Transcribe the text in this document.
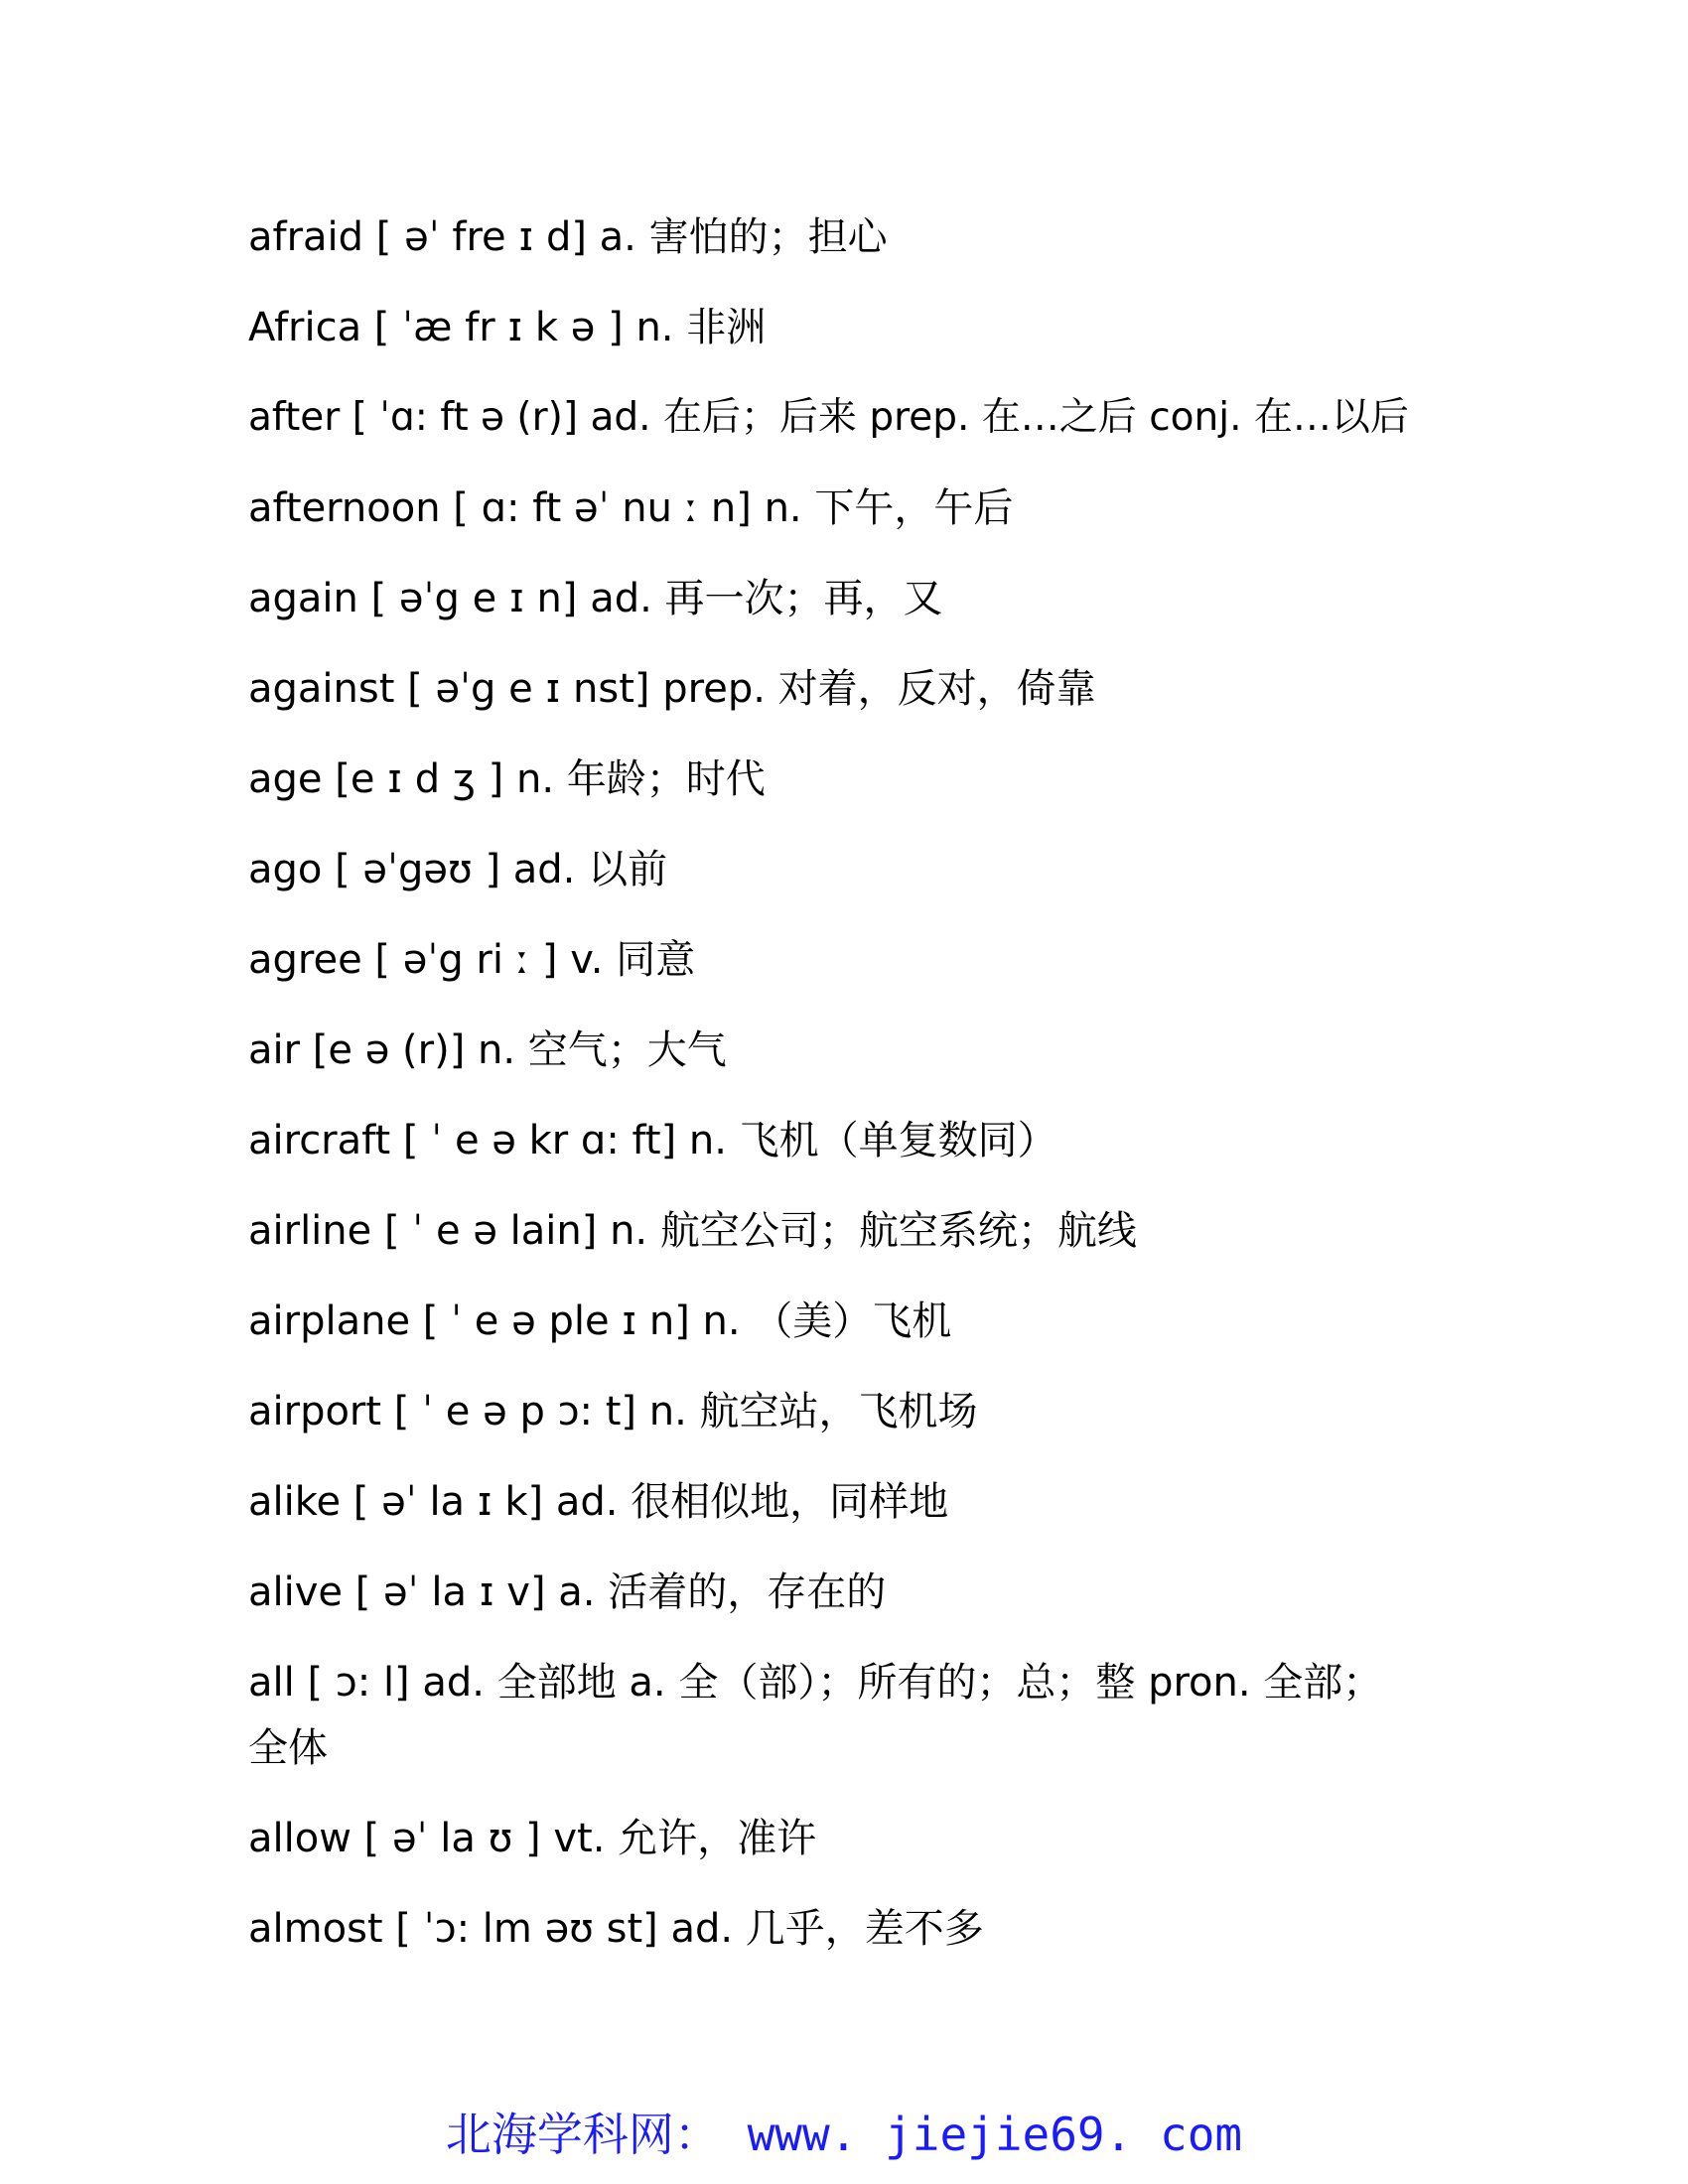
afraid [ əˈ fre ɪ d] a. 害怕的；担心
Africa [ ˈæ fr ɪ k ə ] n. 非洲
after [ ˈɑ: ft ə (r)] ad. 在后；后来 prep. 在…之后 conj. 在…以后
afternoon [ ɑ: ft əˈ nu ː n] n. 下午，午后
again [ əˈg e ɪ n] ad. 再一次；再，又
against [ əˈg e ɪ nst] prep. 对着，反对，倚靠
age [e ɪ d ʒ ] n. 年龄；时代
ago [ əˈgəʊ ] ad. 以前
agree [ əˈg ri ː ] v. 同意
air [e ə (r)] n. 空气；大气
aircraft [ ˈ e ə kr ɑ: ft] n. 飞机（单复数同）
airline [ ˈ e ə lain] n. 航空公司；航空系统；航线
airplane [ ˈ e ə ple ɪ n] n. （美）飞机
airport [ ˈ e ə p ɔ: t] n. 航空站，飞机场
alike [ əˈ la ɪ k] ad. 很相似地，同样地
alive [ əˈ la ɪ v] a. 活着的，存在的
all [ ɔ: l] ad. 全部地 a. 全（部）；所有的；总；整 pron. 全部；全体
allow [ əˈ la ʊ ] vt. 允许，准许
almost [ ˈɔ: lm əʊ st] ad. 几乎，差不多
北海学科网： www. jiejie69. com
